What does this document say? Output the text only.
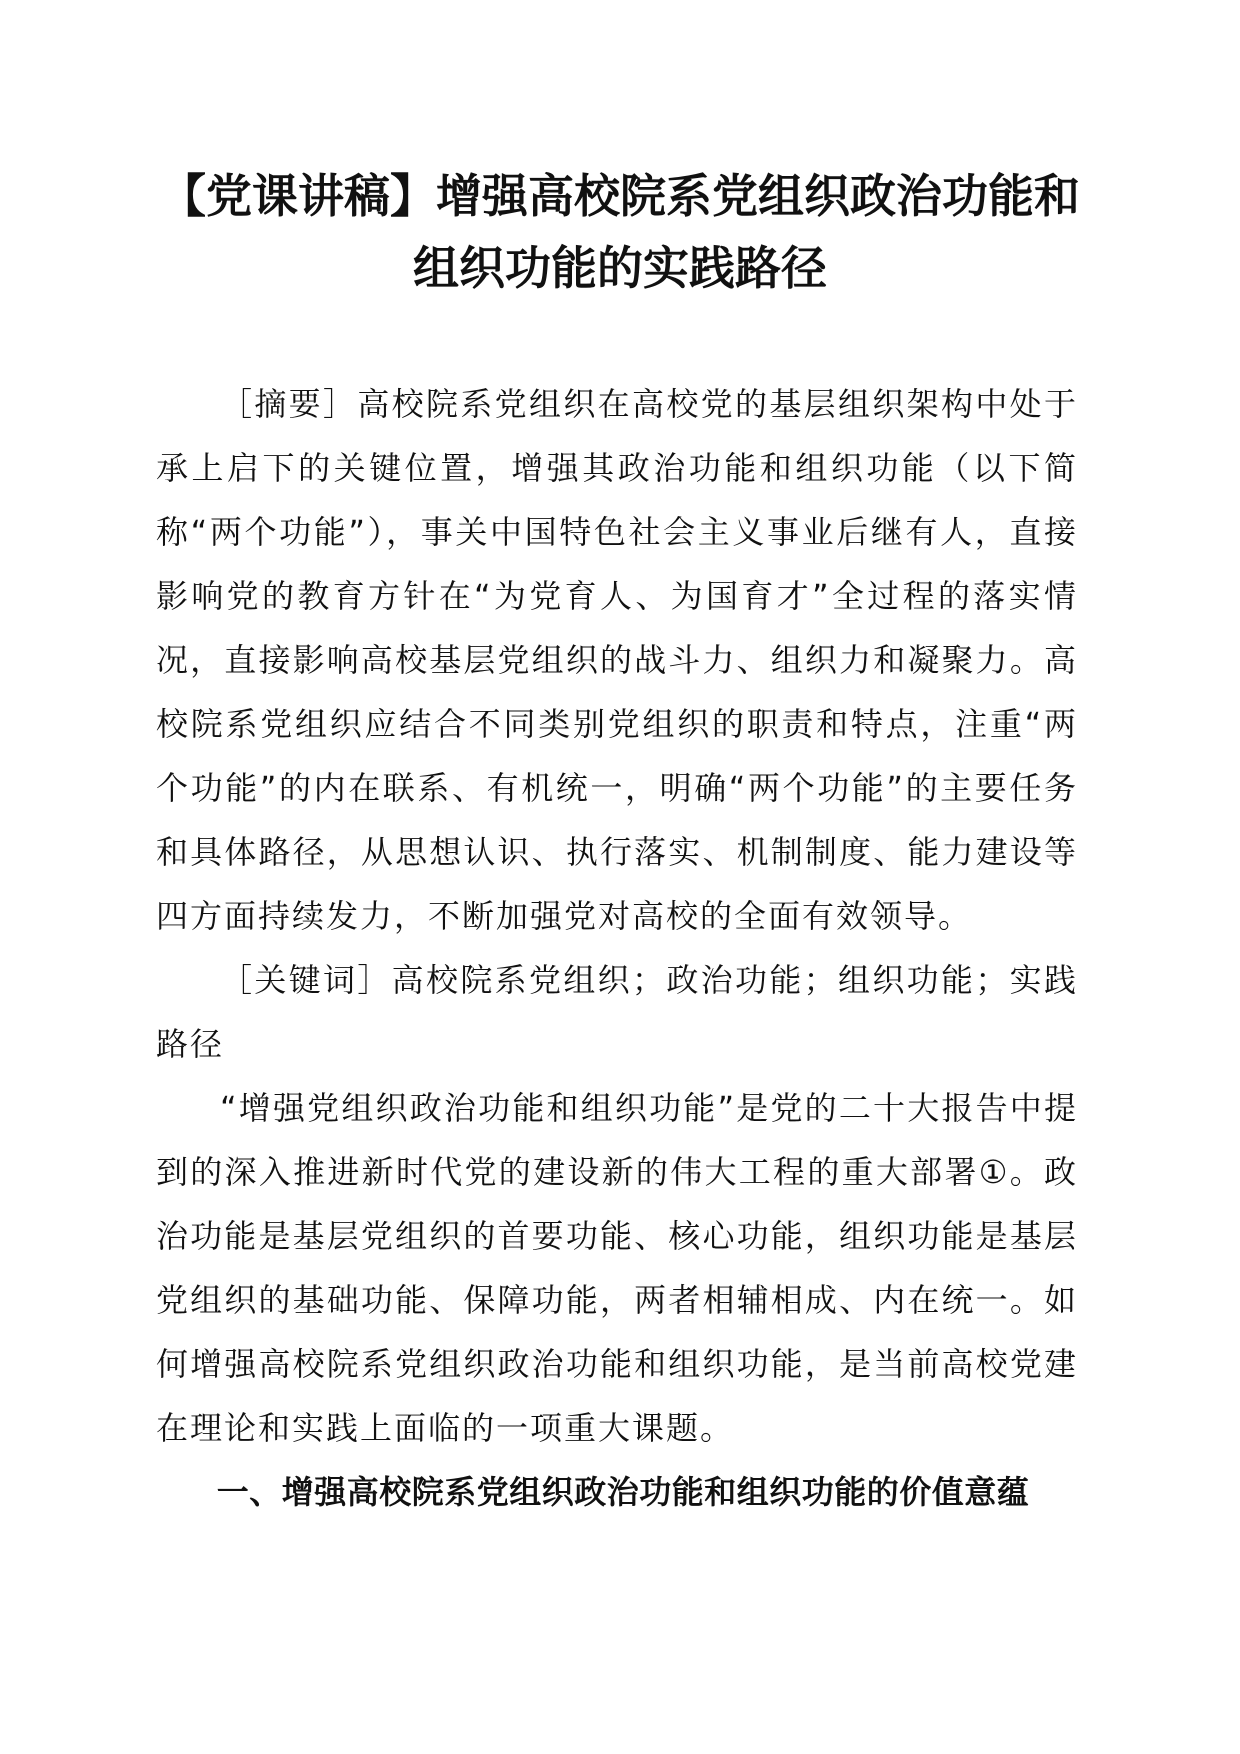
【党课讲稿】增强高校院系党组织政治功能和
组织功能的实践路径

［摘要］高校院系党组织在高校党的基层组织架构中处于承上启下的关键位置，增强其政治功能和组织功能（以下简称“两个功能”），事关中国特色社会主义事业后继有人，直接影响党的教育方针在“为党育人、为国育才”全过程的落实情况，直接影响高校基层党组织的战斗力、组织力和凝聚力。高校院系党组织应结合不同类别党组织的职责和特点，注重“两个功能”的内在联系、有机统一，明确“两个功能”的主要任务和具体路径，从思想认识、执行落实、机制制度、能力建设等四方面持续发力，不断加强党对高校的全面有效领导。

［关键词］高校院系党组织；政治功能；组织功能；实践路径

“增强党组织政治功能和组织功能”是党的二十大报告中提到的深入推进新时代党的建设新的伟大工程的重大部署①。政治功能是基层党组织的首要功能、核心功能，组织功能是基层党组织的基础功能、保障功能，两者相辅相成、内在统一。如何增强高校院系党组织政治功能和组织功能，是当前高校党建在理论和实践上面临的一项重大课题。

一、增强高校院系党组织政治功能和组织功能的价值意蕴
